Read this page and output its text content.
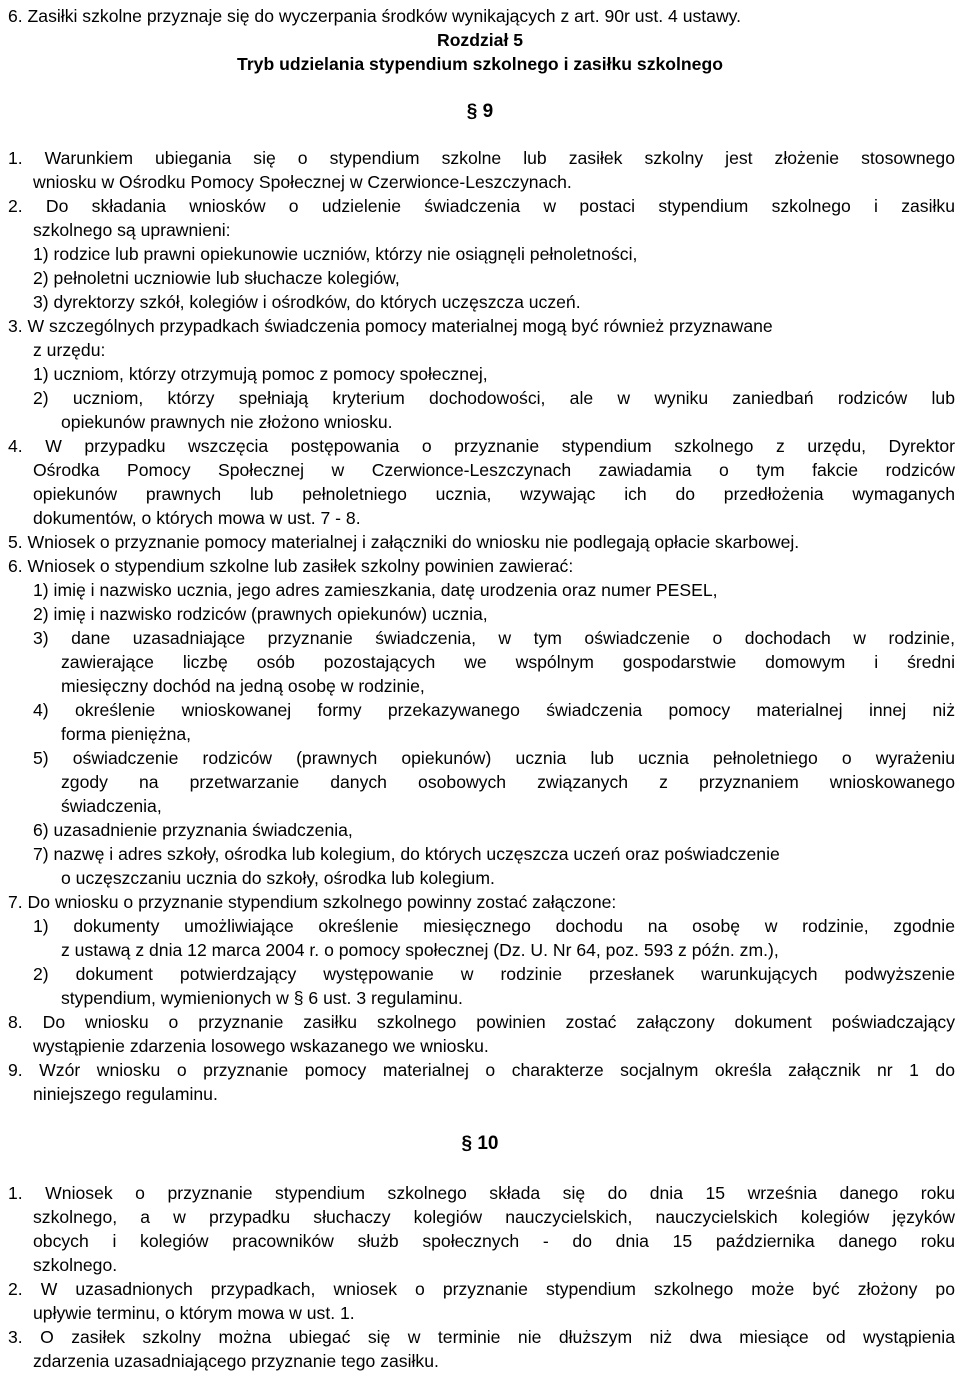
6. Zasiłki szkolne przyznaje się do wyczerpania środków wynikających z art. 90r ust. 4 ustawy.
Rozdział 5
Tryb udzielania stypendium szkolnego i zasiłku szkolnego
§ 9
1. Warunkiem ubiegania się o stypendium szkolne lub zasiłek szkolny jest złożenie stosownego
wniosku w Ośrodku Pomocy Społecznej w Czerwionce-Leszczynach.
2. Do składania wniosków o udzielenie świadczenia w postaci stypendium szkolnego i zasiłku
szkolnego są uprawnieni:
1) rodzice lub prawni opiekunowie uczniów, którzy nie osiągnęli pełnoletności,
2) pełnoletni uczniowie lub słuchacze kolegiów,
3) dyrektorzy szkół, kolegiów i ośrodków, do których uczęszcza uczeń.
3. W szczególnych przypadkach świadczenia pomocy materialnej mogą być również przyznawane
z urzędu:
1) uczniom, którzy otrzymują pomoc z pomocy społecznej,
2) uczniom, którzy spełniają kryterium dochodowości, ale w wyniku zaniedbań rodziców lub
opiekunów prawnych nie złożono wniosku.
4. W przypadku wszczęcia postępowania o przyznanie stypendium szkolnego z urzędu, Dyrektor
Ośrodka Pomocy Społecznej w Czerwionce-Leszczynach zawiadamia o tym fakcie rodziców
opiekunów prawnych lub pełnoletniego ucznia, wzywając ich do przedłożenia wymaganych
dokumentów, o których mowa w ust. 7 - 8.
5. Wniosek o przyznanie pomocy materialnej i załączniki do wniosku nie podlegają opłacie skarbowej.
6. Wniosek o stypendium szkolne lub zasiłek szkolny powinien zawierać:
1) imię i nazwisko ucznia, jego adres zamieszkania, datę urodzenia oraz numer PESEL,
2) imię i nazwisko rodziców (prawnych opiekunów) ucznia,
3) dane uzasadniające przyznanie świadczenia, w tym oświadczenie o dochodach w rodzinie,
zawierające liczbę osób pozostających we wspólnym gospodarstwie domowym i średni
miesięczny dochód na jedną osobę w rodzinie,
4) określenie wnioskowanej formy przekazywanego świadczenia pomocy materialnej innej niż
forma pieniężna,
5) oświadczenie rodziców (prawnych opiekunów) ucznia lub ucznia pełnoletniego o wyrażeniu
zgody na przetwarzanie danych osobowych związanych z przyznaniem wnioskowanego
świadczenia,
6) uzasadnienie przyznania świadczenia,
7) nazwę i adres szkoły, ośrodka lub kolegium, do których uczęszcza uczeń oraz poświadczenie
o uczęszczaniu ucznia do szkoły, ośrodka lub kolegium.
7. Do wniosku o przyznanie stypendium szkolnego powinny zostać załączone:
1) dokumenty umożliwiające określenie miesięcznego dochodu na osobę w rodzinie, zgodnie
z ustawą z dnia 12 marca 2004 r. o pomocy społecznej (Dz. U. Nr 64, poz. 593 z późn. zm.),
2) dokument potwierdzający występowanie w rodzinie przesłanek warunkujących podwyższenie
stypendium, wymienionych w § 6 ust. 3 regulaminu.
8. Do wniosku o przyznanie zasiłku szkolnego powinien zostać załączony dokument poświadczający
wystąpienie zdarzenia losowego wskazanego we wniosku.
9. Wzór wniosku o przyznanie pomocy materialnej o charakterze socjalnym określa załącznik nr 1 do
niniejszego regulaminu.
§ 10
1. Wniosek o przyznanie stypendium szkolnego składa się do dnia 15 września danego roku
szkolnego, a w przypadku słuchaczy kolegiów nauczycielskich, nauczycielskich kolegiów języków
obcych i kolegiów pracowników służb społecznych - do dnia 15 października danego roku
szkolnego.
2. W uzasadnionych przypadkach, wniosek o przyznanie stypendium szkolnego może być złożony po
upływie terminu, o którym mowa w ust. 1.
3. O zasiłek szkolny można ubiegać się w terminie nie dłuższym niż dwa miesiące od wystąpienia
zdarzenia uzasadniającego przyznanie tego zasiłku.
